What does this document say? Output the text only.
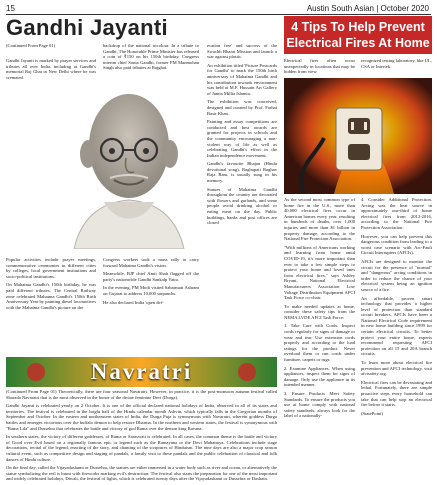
15	Austin South Asian | October 2020
Gandhi Jayanti
(Continued From Page 01)

Gandhi Jayanti is marked by prayer services and tributes all over India, including at Gandhi's memorial Raj Ghat in New Delhi where he was cremated.

backdrop of the national tricolour. In a tribute to Gandhi, The Honorable Prime Minister has released a coin of ₹150 on his 150th birthday. Congress interim chief Sonia Gandhi, former PM Manmohan Singh also paid tributes at Rajghat.

Popular activities include prayer meetings, commemorative ceremonies in different cities by colleges, local government institutions and socio-political institutions.

On Mahatma Gandhi's 150th birthday, he was paid different tributes. The Central Railway zone celebrated Mahatma Gandhi's 150th Birth Anniversary Year by painting diesel locomotives with the Mahatma Gandhi's picture on the

Congress workers took a mass rally to carry forward Mahatma Gandhi's vision.

Meanwhile, BJP chief Amit Shah flagged off the party's nationwide Gandhi Sankalp Yatra.

In the evening, PM Modi visited Sabarmati Ashram on Gujarat to address 10,000 sarpanchs.

He also declared India 'open def-

ecation free' and success of the Swachh Bharat Mission and launch a war against plastic.

An exhibition titled 'Picture Postcards for Gandhi' to mark the 150th birth anniversary of Mahatma Gandhi and his contribution towards environment was held at M.F. Hussain Art Gallery of Jamia Millia Islamia.

The exhibition was conceived, designed and curated by Prof. Farhat Basir Khan.

Painting and essay competitions are conducted and best awards are granted for projects in schools and the community encouraging a non-violent way of life as well as celebrating Gandhi's effort in the Indian independence movement.

Gandhi's favourite Bhajan (Hindu devotional song), Raghupati Raghav Raja Ram, is usually sung in his memory.

Statues of Mahatma Gandhi throughout the country are decorated with flowers and garlands, and some people avoid drinking alcohol or eating meat on the day. Public buildings, banks and post offices are closed

4 Tips To Help Prevent Electrical Fires At Home

Electrical fires often occur unexpectedly in locations that may be hidden from view.

recognized testing laboratory, like UL, CSA or Intertek.

As the second most common type of home fire in the U.S., more than 40,000 electrical fires occur in American homes every year, resulting in hundreds of deaths, over 1,000 injuries and more than $1 billion in property damage, according to the National Fire Protection Association.

"With millions of Americans working and learning from home amid COVID-19, it's more important than ever to take a few simple steps to protect your home and loved ones from electrical fires," says Ashley Bryant, National Electrical Manufacturers Association Low Voltage Distribution Equipment AFCI Task Force co-chair.

To make needed updates at home, consider these safety tips from the NEMA LVDE AFCI Task Force:

1. Take Care with Cords. Inspect cords regularly for signs of damage or wear and tear. Use extension cords properly and according to the load ratings for the product. Never overload them or run cords under furniture, carpets or rugs.

2. Examine Appliances. When using appliances, inspect them for signs of damage. Only use the appliance in its intended manner.

3. Ensure Products Meet Safety Standards. To ensure the products you use at home comply with national safety standards, always look for the label of a nationally-

4. Consider Additional Protection. Arcing was the heat source in approximately one-third of home electrical fires from 2012-2016, according to the National Fire Protection Association.

However, you can help prevent this dangerous condition from leading to a worst case scenario with Arc-Fault Circuit Interrupters (AFCIs).

AFCIs are designed to monitor the circuit for the presence of "normal" and "dangerous" arcing conditions in order to reduce the chance of your electrical system being an ignition source of a fire.

An affordable, proven smart technology that provides a higher level of protection than standard circuit breakers, AFCIs have been a National Electrical Code requirement in new home building since 1999 for certain electrical circuits. To better protect your entire home, experts recommend requesting AFCI protection on all 15 and 20A branch circuits.

To learn more about electrical fire prevention and AFCI technology, visit afcisafety.org.

Electrical fires can be devastating and lethal. Fortunately, there are simple proactive steps every household can take that can help stop an electrical fire before it starts.

(StatePoint)

Navratri

(Continued From Page 01) Theoretically, there are four seasonal Navaratri. However, in practice, it is the post-monsoon autumn festival called Sharada Navaratri that is the most observed in the honor of the divine feminine Devi (Durga).

Gandhi Jayanti is celebrated yearly on 2 October. It is one of the official declared national holidays of India, observed in all of its states and territories. The festival is celebrated in the bright half of the Hindu calendar month Ashvin, which typically falls in the Gregorian months of September and October. In the eastern and northeastern states of India, the Durga Puja is synonymous with Navaratri, wherein goddess Durga battles and emerges victorious over the buffalo demon to help restore Dharma. In the northern and western states, the festival is synonymous with "Rama Lila" and Dussehra that celebrates the battle and victory of god Rama over the demon king Ravana.

In southern states, the victory of different goddesses, of Rama or Saraswati is celebrated. In all cases, the common theme is the battle and victory of Good over Evil based on a regionally famous epic or legend such as the Ramayana or the Devi Mahatmya. Celebrations include stage decorations, recital of the legend, enacting of the story, and chanting of the scriptures of Hinduism. The nine days are also a major crop season cultural event, such as competitive design and staging of pandals, a family visit to these pandals and the public celebration of classical and folk dances of Hindu culture.

On the final day, called the Vijayadashami or Dussehra, the statues are either immersed in a water body such as river and ocean, or alternatively the statue symbolizing the evil is burnt with fireworks marking evil's destruction. The festival also starts the preparation for one of the most important and widely celebrated holidays, Diwali, the festival of lights, which is celebrated twenty days after the Vijayadashami or Dussehra or Dashain.
